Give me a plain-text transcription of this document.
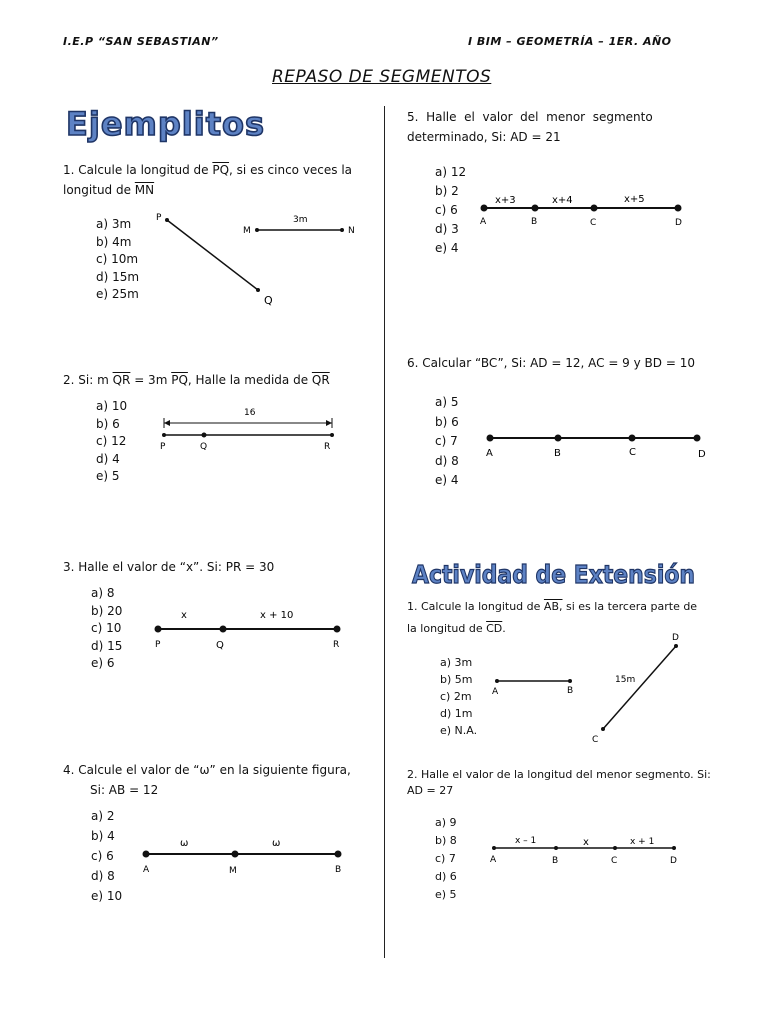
I.E.P “SAN SEBASTIAN”	I BIM – GEOMETRÍA – 1ER. AÑO
REPASO DE SEGMENTOS
Ejemplitos
1. Calcule la longitud de $\overline{PQ}$, si es cinco veces la
longitud de $\overline{MN}$
a) 3m
b) 4m
c) 10m
d) 15m
e) 25m
P
Q
M	N
3m
2. Si: m $\overline{QR} = 3m$ $\overline{PQ}$, Halle la medida de $\overline{QR}$
a) 10
b) 6
c) 12
d) 4
e) 5
16
P	Q	R
3. Halle el valor de “x”. Si: PR = 30
a) 8
b) 20
c) 10
d) 15
e) 6
x	x + 10
P	Q	R
4. Calcule el valor de “ω” en la siguiente figura,
Si: AB = 12
a) 2
b) 4
c) 6
d) 8
e) 10
ω	ω
A	M	B
5.  Halle  el  valor  del  menor  segmento
determinado, Si: AD = 21
a) 12
b) 2
c) 6
d) 3
e) 4
x+3	x+4	x+5
A	B	C	D
6. Calcular “BC”, Si: AD = 12, AC = 9 y BD = 10
a) 5
b) 6
c) 7
d) 8
e) 4
A	B	C	D
Actividad de Extensión
1. Calcule la longitud de AB, si es la tercera parte de
la longitud de $\overline{CD}$.
a) 3m
b) 5m
c) 2m
d) 1m
e) N.A.
A	B
C
D
15m
2. Halle el valor de la longitud del menor segmento. Si:
AD = 27
a) 9
b) 8
c) 7
d) 6
e) 5
x – 1	x	x + 1
A	B	C	D
